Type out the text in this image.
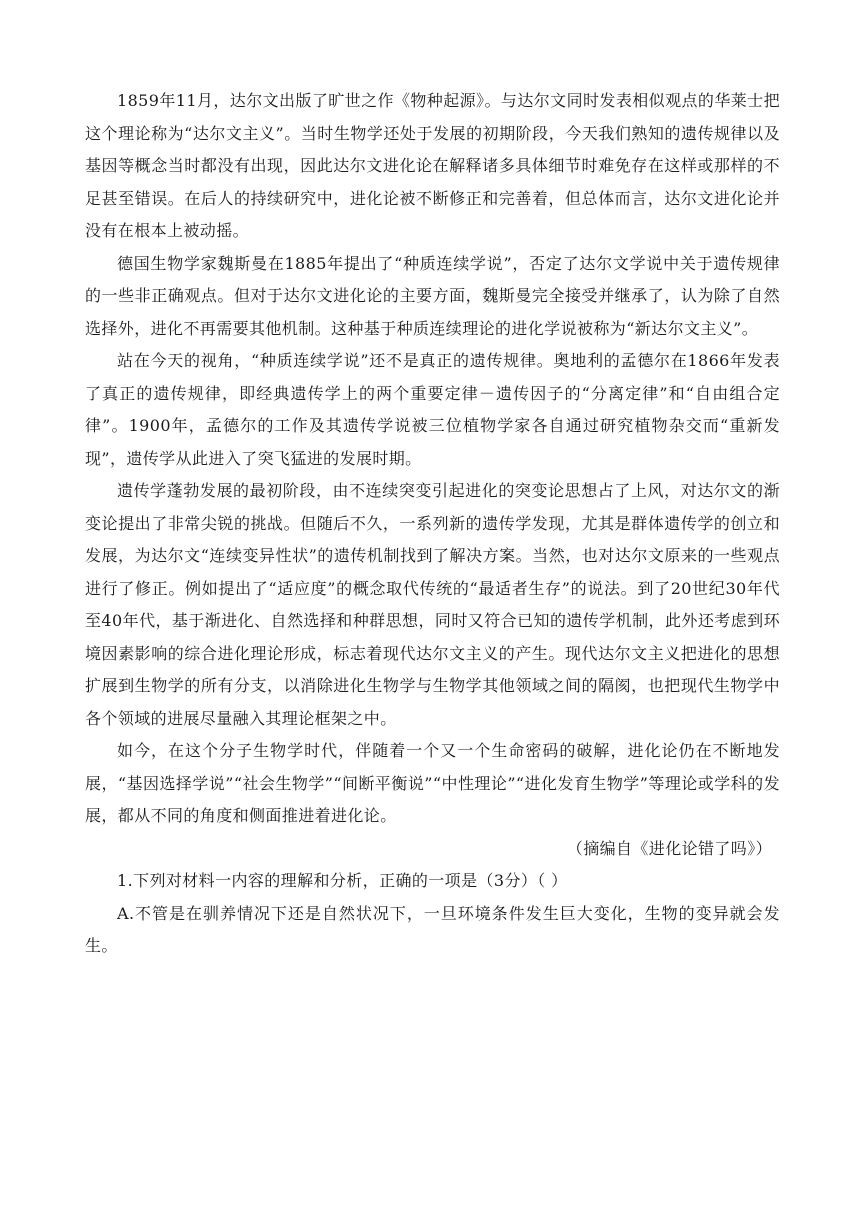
1859年11月，达尔文出版了旷世之作《物种起源》。与达尔文同时发表相似观点的华莱士把这个理论称为“达尔文主义”。当时生物学还处于发展的初期阶段，今天我们熟知的遗传规律以及基因等概念当时都没有出现，因此达尔文进化论在解释诸多具体细节时难免存在这样或那样的不足甚至错误。在后人的持续研究中，进化论被不断修正和完善着，但总体而言，达尔文进化论并没有在根本上被动摇。

德国生物学家魏斯曼在1885年提出了“种质连续学说”，否定了达尔文学说中关于遗传规律的一些非正确观点。但对于达尔文进化论的主要方面，魏斯曼完全接受并继承了，认为除了自然选择外，进化不再需要其他机制。这种基于种质连续理论的进化学说被称为“新达尔文主义”。

站在今天的视角，“种质连续学说”还不是真正的遗传规律。奥地利的孟德尔在1866年发表了真正的遗传规律，即经典遗传学上的两个重要定律－遗传因子的“分离定律”和“自由组合定律”。1900年，孟德尔的工作及其遗传学说被三位植物学家各自通过研究植物杂交而“重新发现”，遗传学从此进入了突飞猛进的发展时期。

遗传学蓬勃发展的最初阶段，由不连续突变引起进化的突变论思想占了上风，对达尔文的渐变论提出了非常尖锐的挑战。但随后不久，一系列新的遗传学发现，尤其是群体遗传学的创立和发展，为达尔文“连续变异性状”的遗传机制找到了解决方案。当然，也对达尔文原来的一些观点进行了修正。例如提出了“适应度”的概念取代传统的“最适者生存”的说法。到了20世纪30年代至40年代，基于渐进化、自然选择和种群思想，同时又符合已知的遗传学机制，此外还考虑到环境因素影响的综合进化理论形成，标志着现代达尔文主义的产生。现代达尔文主义把进化的思想扩展到生物学的所有分支，以消除进化生物学与生物学其他领域之间的隔阂，也把现代生物学中各个领域的进展尽量融入其理论框架之中。

如今，在这个分子生物学时代，伴随着一个又一个生命密码的破解，进化论仍在不断地发展，“基因选择学说”“社会生物学”“间断平衡说”“中性理论”“进化发育生物学”等理论或学科的发展，都从不同的角度和侧面推进着进化论。

（摘编自《进化论错了吗》）

1.下列对材料一内容的理解和分析，正确的一项是（3分）（ ）

A.不管是在驯养情况下还是自然状况下，一旦环境条件发生巨大变化，生物的变异就会发生。
